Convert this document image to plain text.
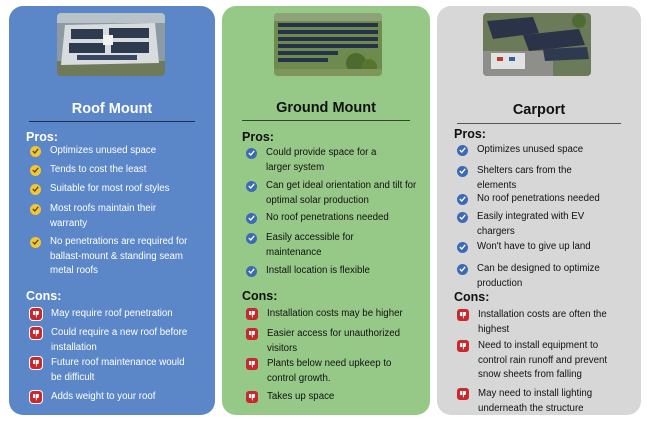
Roof Mount
Pros:
Optimizes unused space
Tends to cost the least
Suitable for most roof styles
Most roofs maintain their warranty
No penetrations are required for ballast-mount & standing seam metal roofs
Cons:
May require roof penetration
Could require a new roof before installation
Future roof maintenance would be difficult
Adds weight to your roof
Ground Mount
Pros:
Could provide space for a larger system
Can get ideal orientation and tilt for optimal solar production
No roof penetrations needed
Easily accessible for maintenance
Install location is flexible
Cons:
Installation costs may be higher
Easier access for unauthorized visitors
Plants below need upkeep to control growth.
Takes up space
Carport
Pros:
Optimizes unused space
Shelters cars from the elements
No roof penetrations needed
Easily integrated with EV chargers
Won't have to give up land
Can be designed to optimize production
Cons:
Installation costs are often the highest
Need to install equipment to control rain runoff and prevent snow sheets from falling
May need to install lighting underneath the structure
